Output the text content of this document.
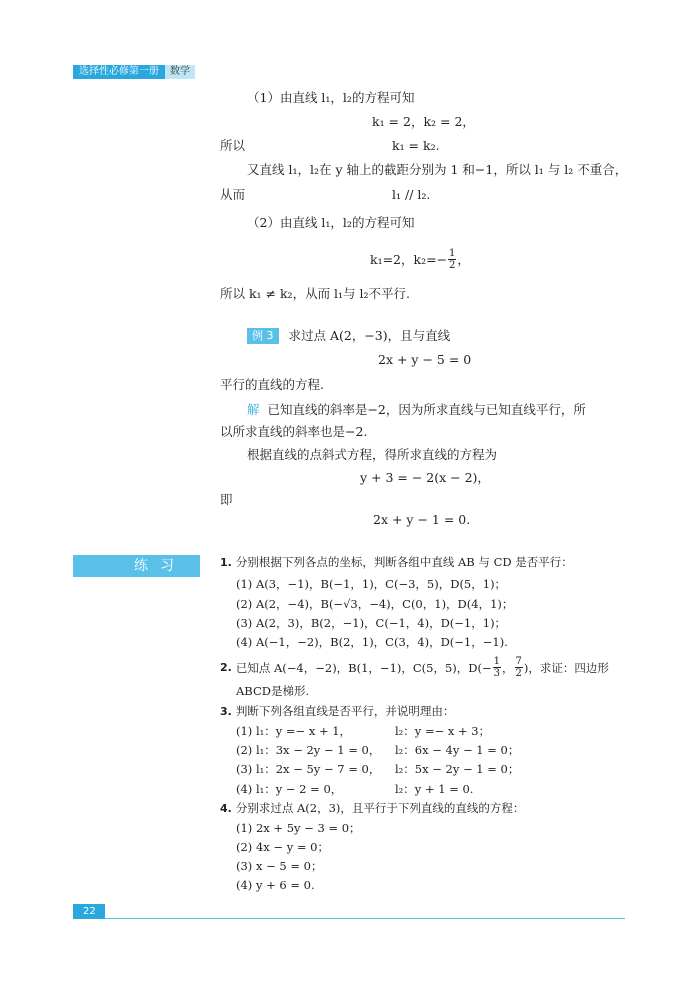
选择性必修第一册	数学
（1）由直线 l₁，l₂的方程可知
k₁ = 2，k₂ = 2，
所以	k₁ = k₂.
又直线 l₁，l₂在 y 轴上的截距分别为 1 和−1，所以 l₁ 与 l₂ 不重合，
从而	l₁ // l₂.
（2）由直线 l₁，l₂的方程可知
k₁=2，$k_2=- \frac{1}{2}$ ，
所以 k₁ ≠ k₂，从而 l₁与 l₂不平行.
例 3	求过点 A(2，−3)，且与直线
2x + y − 5 = 0
平行的直线的方程.
解  已知直线的斜率是−2，因为所求直线与已知直线平行，所
以所求直线的斜率也是−2.
根据直线的点斜式方程，得所求直线的方程为
y + 3 = − 2(x − 2)，
即
2x + y − 1 = 0.
练习	1. 分别根据下列各点的坐标，判断各组中直线 AB 与 CD 是否平行：
(1) A(3，−1)，B(−1，1)，C(−3，5)，D(5，1)；
(2) A(2，−4)，B(−√3，−4)，C(0，1)，D(4，1)；
(3) A(2，3)，B(2，−1)，C(−1，4)，D(−1，1)；
(4) A(−1，−2)，B(2，1)，C(3，4)，D(−1，−1).
2. 已知点 A(−4，−2)，B(1，−1)，C(5，5)，$D(- \frac{1}{3}$ ， $\frac{7}{2}$ )，求证：四边形
ABCD是梯形.
3. 判断下列各组直线是否平行，并说明理由：
(1) l₁：y =− x + 1，	l₂：y =− x + 3；
(2) l₁：3x − 2y − 1 = 0， l₂：6x − 4y − 1 = 0；
(3) l₁：2x − 5y − 7 = 0， l₂：5x − 2y − 1 = 0；
(4) l₁：y − 2 = 0，	l₂：y + 1 = 0.
4. 分别求过点 A(2，3)，且平行于下列直线的直线的方程：
(1) 2x + 5y − 3 = 0；
(2) 4x − y = 0；
(3) x − 5 = 0；
(4) y + 6 = 0.
22
